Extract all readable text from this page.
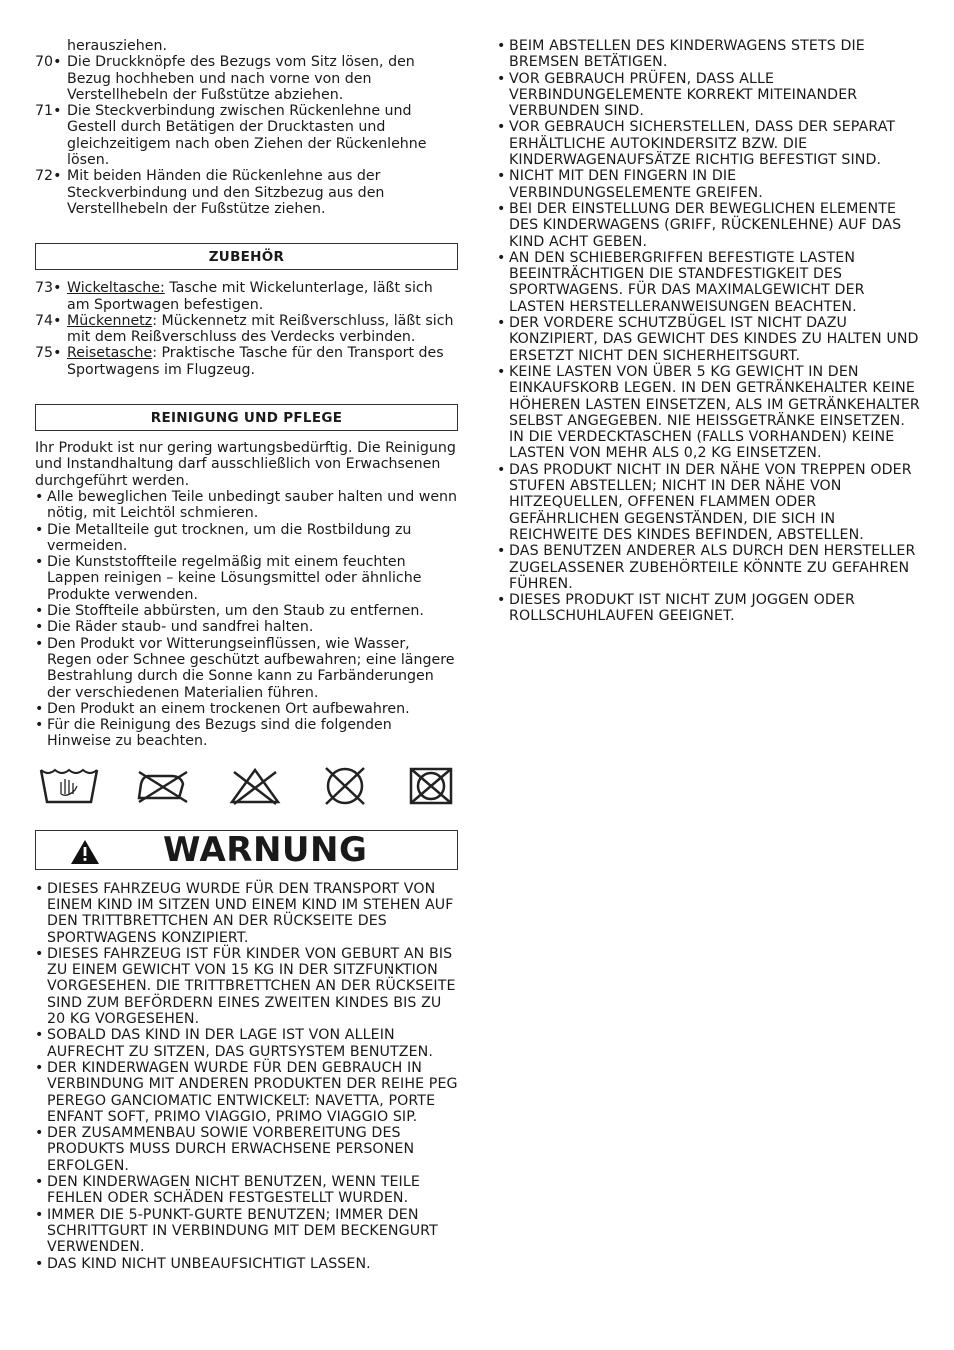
herausziehen.
70• Die Druckknöpfe des Bezugs vom Sitz lösen, den Bezug hochheben und nach vorne von den Verstellhebeln der Fußstütze abziehen.
71• Die Steckverbindung zwischen Rückenlehne und Gestell durch Betätigen der Drucktasten und gleichzeitigem nach oben Ziehen der Rückenlehne lösen.
72• Mit beiden Händen die Rückenlehne aus der Steckverbindung und den Sitzbezug aus den Verstellhebeln der Fußstütze ziehen.
ZUBEHÖR
73• Wickeltasche: Tasche mit Wickelunterlage, läßt sich am Sportwagen befestigen.
74• Mückennetz: Mückennetz mit Reißverschluss, läßt sich mit dem Reißverschluss des Verdecks verbinden.
75• Reisetasche: Praktische Tasche für den Transport des Sportwagens im Flugzeug.
REINIGUNG UND PFLEGE

Ihr Produkt ist nur gering wartungsbedürftig. Die Reinigung und Instandhaltung darf ausschließlich von Erwachsenen durchgeführt werden.

• Alle beweglichen Teile unbedingt sauber halten und wenn nötig, mit Leichtöl schmieren.
• Die Metallteile gut trocknen, um die Rostbildung zu vermeiden.
• Die Kunststoffteile regelmäßig mit einem feuchten Lappen reinigen – keine Lösungsmittel oder ähnliche Produkte verwenden.
• Die Stoffteile abbürsten, um den Staub zu entfernen.
• Die Räder staub- und sandfrei halten.
• Den Produkt vor Witterungseinflüssen, wie Wasser, Regen oder Schnee geschützt aufbewahren; eine längere Bestrahlung durch die Sonne kann zu Farbänderungen der verschiedenen Materialien führen.
• Den Produkt an einem trockenen Ort aufbewahren.
• Für die Reinigung des Bezugs sind die folgenden Hinweise zu beachten.
WARNUNG
• DIESES FAHRZEUG WURDE FÜR DEN TRANSPORT VON EINEM KIND IM SITZEN UND EINEM KIND IM STEHEN AUF DEN TRITTBRETTCHEN AN DER RÜCKSEITE DES SPORTWAGENS KONZIPIERT.
• DIESES FAHRZEUG IST FÜR KINDER VON GEBURT AN BIS ZU EINEM GEWICHT VON 15 KG IN DER SITZFUNKTION VORGESEHEN. DIE TRITTBRETTCHEN AN DER RÜCKSEITE SIND ZUM BEFÖRDERN EINES ZWEITEN KINDES BIS ZU 20 KG VORGESEHEN.
• SOBALD DAS KIND IN DER LAGE IST VON ALLEIN AUFRECHT ZU SITZEN, DAS GURTSYSTEM BENUTZEN.
• DER KINDERWAGEN WURDE FÜR DEN GEBRAUCH IN VERBINDUNG MIT ANDEREN PRODUKTEN DER REIHE PEG PEREGO GANCIOMATIC ENTWICKELT: NAVETTA, PORTE ENFANT SOFT, PRIMO VIAGGIO, PRIMO VIAGGIO SIP.
• DER ZUSAMMENBAU SOWIE VORBEREITUNG DES PRODUKTS MUSS DURCH ERWACHSENE PERSONEN ERFOLGEN.
• DEN KINDERWAGEN NICHT BENUTZEN, WENN TEILE FEHLEN ODER SCHÄDEN FESTGESTELLT WURDEN.
• IMMER DIE 5-PUNKT-GURTE BENUTZEN; IMMER DEN SCHRITTGURT IN VERBINDUNG MIT DEM BECKENGURT VERWENDEN.
• DAS KIND NICHT UNBEAUFSICHTIGT LASSEN.
• BEIM ABSTELLEN DES KINDERWAGENS STETS DIE BREMSEN BETÄTIGEN.
• VOR GEBRAUCH PRÜFEN, DASS ALLE VERBINDUNGELEMENTE KORREKT MITEINANDER VERBUNDEN SIND.
• VOR GEBRAUCH SICHERSTELLEN, DASS DER SEPARAT ERHÄLTLICHE AUTOKINDERSITZ BZW. DIE KINDERWAGENAUFSÄTZE RICHTIG BEFESTIGT SIND.
• NICHT MIT DEN FINGERN IN DIE VERBINDUNGSELEMENTE GREIFEN.
• BEI DER EINSTELLUNG DER BEWEGLICHEN ELEMENTE DES KINDERWAGENS (GRIFF, RÜCKENLEHNE) AUF DAS KIND ACHT GEBEN.
• AN DEN SCHIEBERGRIFFEN BEFESTIGTE LASTEN BEEINTRÄCHTIGEN DIE STANDFESTIGKEIT DES SPORTWAGENS. FÜR DAS MAXIMALGEWICHT DER LASTEN HERSTELLERANWEISUNGEN BEACHTEN.
• DER VORDERE SCHUTZBÜGEL IST NICHT DAZU KONZIPIERT, DAS GEWICHT DES KINDES ZU HALTEN UND ERSETZT NICHT DEN SICHERHEITSGURT.
• KEINE LASTEN VON ÜBER 5 KG GEWICHT IN DEN EINKAUFSKORB LEGEN. IN DEN GETRÄNKEHALTER KEINE HÖHEREN LASTEN EINSETZEN, ALS IM GETRÄNKEHALTER SELBST ANGEGEBEN. NIE HEISSGETRÄNKE EINSETZEN. IN DIE VERDECKTASCHEN (FALLS VORHANDEN) KEINE LASTEN VON MEHR ALS 0,2 KG EINSETZEN.
• DAS PRODUKT NICHT IN DER NÄHE VON TREPPEN ODER STUFEN ABSTELLEN; NICHT IN DER NÄHE VON HITZEQUELLEN, OFFENEN FLAMMEN ODER GEFÄHRLICHEN GEGENSTÄNDEN, DIE SICH IN REICHWEITE DES KINDES BEFINDEN, ABSTELLEN.
• DAS BENUTZEN ANDERER ALS DURCH DEN HERSTELLER ZUGELASSENER ZUBEHÖRTEILE KÖNNTE ZU GEFAHREN FÜHREN.
• DIESES PRODUKT IST NICHT ZUM JOGGEN ODER ROLLSCHUHLAUFEN GEEIGNET.
